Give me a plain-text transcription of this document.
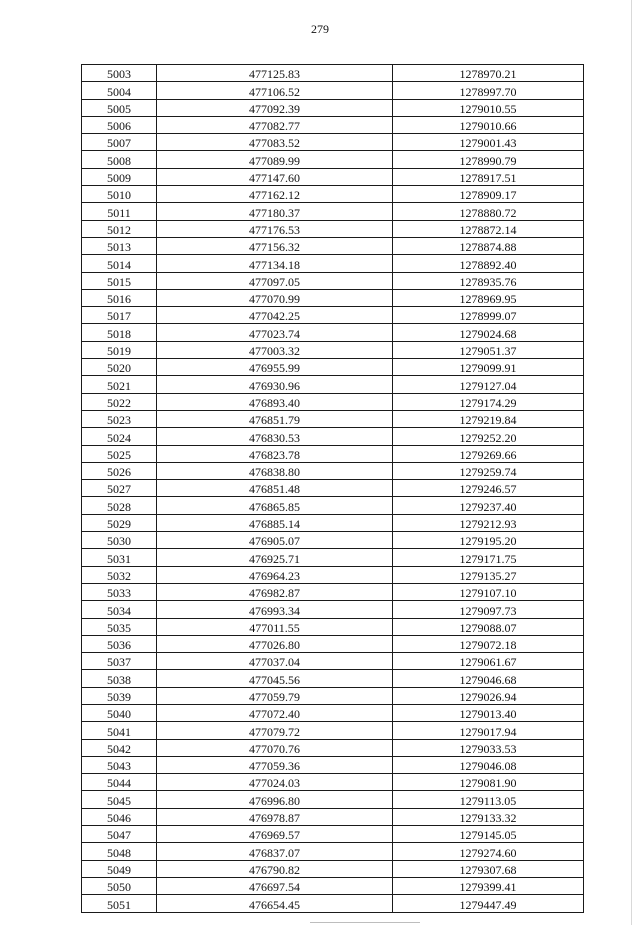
279
5003	477125.83	1278970.21
5004	477106.52	1278997.70
5005	477092.39	1279010.55
5006	477082.77	1279010.66
5007	477083.52	1279001.43
5008	477089.99	1278990.79
5009	477147.60	1278917.51
5010	477162.12	1278909.17
5011	477180.37	1278880.72
5012	477176.53	1278872.14
5013	477156.32	1278874.88
5014	477134.18	1278892.40
5015	477097.05	1278935.76
5016	477070.99	1278969.95
5017	477042.25	1278999.07
5018	477023.74	1279024.68
5019	477003.32	1279051.37
5020	476955.99	1279099.91
5021	476930.96	1279127.04
5022	476893.40	1279174.29
5023	476851.79	1279219.84
5024	476830.53	1279252.20
5025	476823.78	1279269.66
5026	476838.80	1279259.74
5027	476851.48	1279246.57
5028	476865.85	1279237.40
5029	476885.14	1279212.93
5030	476905.07	1279195.20
5031	476925.71	1279171.75
5032	476964.23	1279135.27
5033	476982.87	1279107.10
5034	476993.34	1279097.73
5035	477011.55	1279088.07
5036	477026.80	1279072.18
5037	477037.04	1279061.67
5038	477045.56	1279046.68
5039	477059.79	1279026.94
5040	477072.40	1279013.40
5041	477079.72	1279017.94
5042	477070.76	1279033.53
5043	477059.36	1279046.08
5044	477024.03	1279081.90
5045	476996.80	1279113.05
5046	476978.87	1279133.32
5047	476969.57	1279145.05
5048	476837.07	1279274.60
5049	476790.82	1279307.68
5050	476697.54	1279399.41
5051	476654.45	1279447.49
